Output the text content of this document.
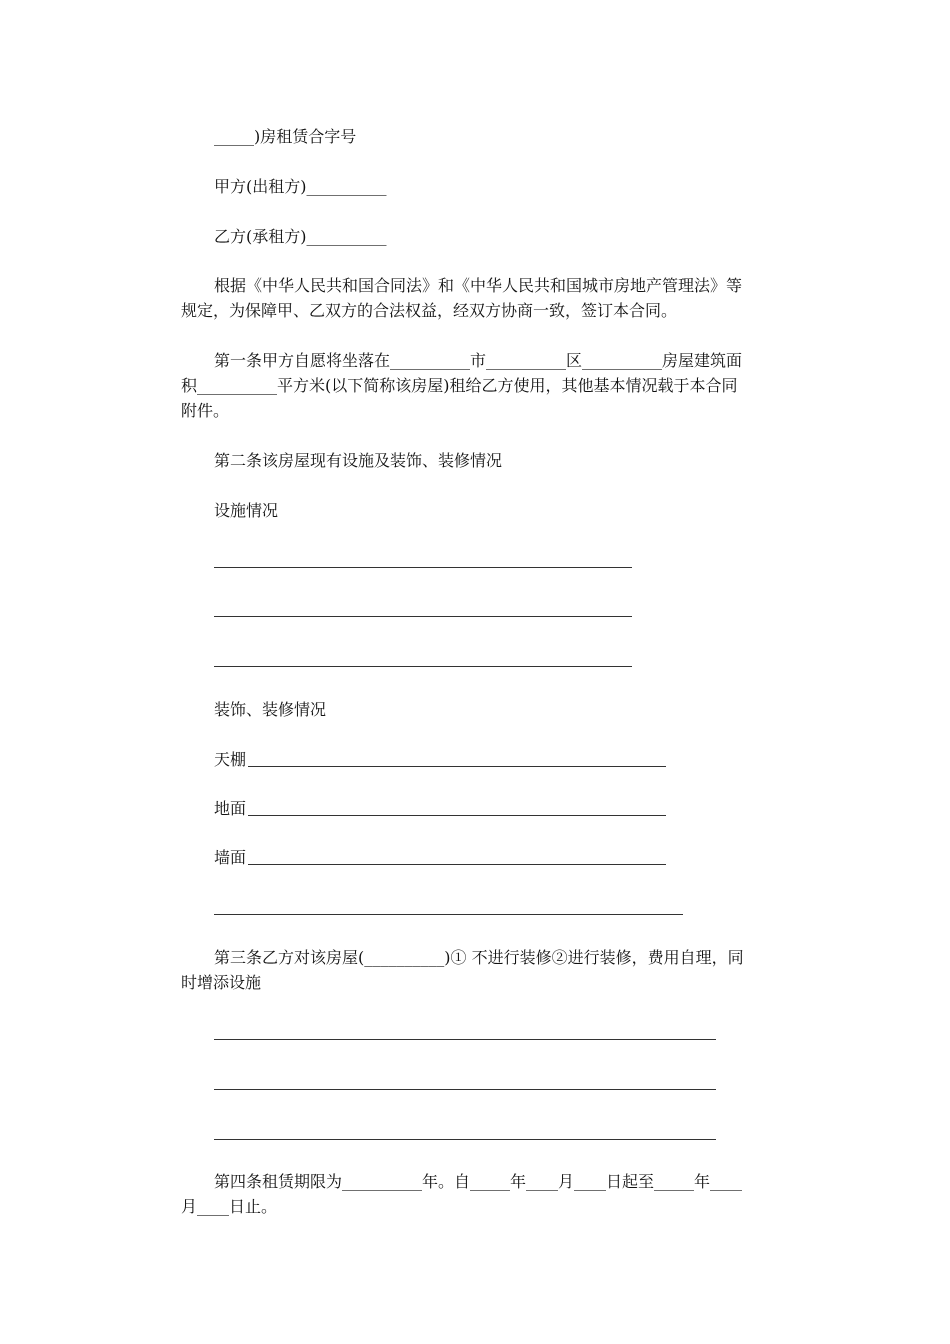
_____)房租赁合字号
甲方(出租方)__________
乙方(承租方)__________
根据《中华人民共和国合同法》和《中华人民共和国城市房地产管理法》等
规定，为保障甲、乙双方的合法权益，经双方协商一致，签订本合同。
第一条甲方自愿将坐落在__________市__________区__________房屋建筑面
积__________平方米(以下简称该房屋)租给乙方使用，其他基本情况载于本合同
附件。
第二条该房屋现有设施及装饰、装修情况
设施情况
装饰、装修情况
天棚
地面
墙面
第三条乙方对该房屋(__________)① 不进行装修②进行装修，费用自理，同
时增添设施
第四条租赁期限为__________年。自_____年____月____日起至_____年____
月____日止。
